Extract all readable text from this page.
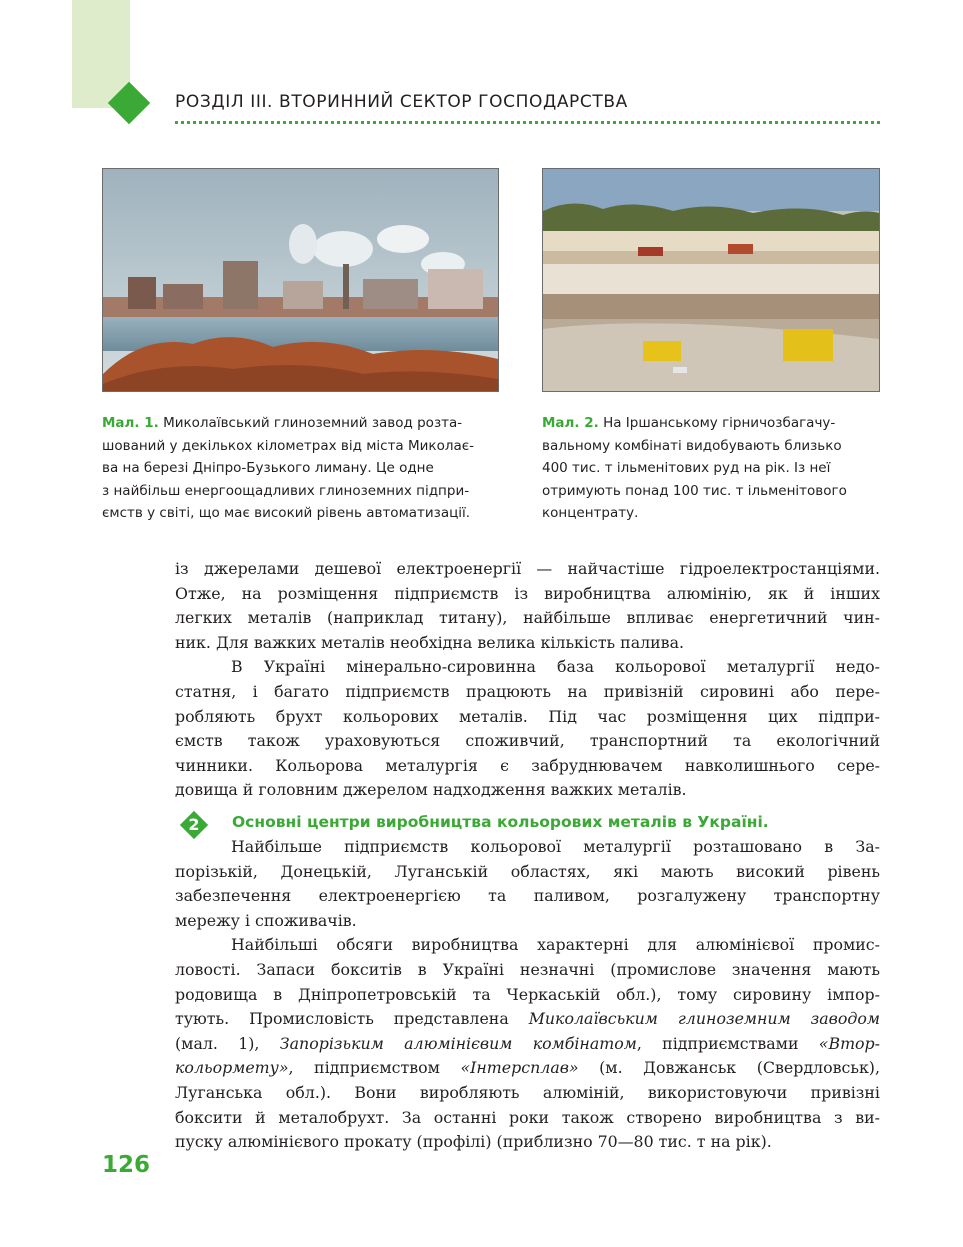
РОЗДІЛ ІІІ. ВТОРИННИЙ СЕКТОР ГОСПОДАРСТВА
Мал. 1. Миколаївський глиноземний завод розта-
шований у декількох кілометрах від міста Миколає-
ва на березі Дніпро-Бузького лиману. Це одне
з найбільш енергоощадливих глиноземних підпри-
ємств у світі, що має високий рівень автоматизації.
Мал. 2. На Іршанському гірничозбагачу-
вальному комбінаті видобувають близько
400 тис. т ільменітових руд на рік. Із неї
отримують понад 100 тис. т ільменітового
концентрату.
із джерелами дешевої електроенергії — найчастіше гідроелектростанціями.
Отже, на розміщення підприємств із виробництва алюмінію, як й інших
легких металів (наприклад титану), найбільше впливає енергетичний чин-
ник. Для важких металів необхідна велика кількість палива.
В Україні мінерально-сировинна база кольорової металургії недо-
статня, і багато підприємств працюють на привізній сировині або пере-
робляють брухт кольорових металів. Під час розміщення цих підпри-
ємств також ураховуються споживчий, транспортний та екологічний
чинники. Кольорова металургія є забруднювачем навколишнього сере-
довища й головним джерелом надходження важких металів.
2	Основні центри виробництва кольорових металів в Україні.
Найбільше підприємств кольорової металургії розташовано в За-
порізькій, Донецькій, Луганській областях, які мають високий рівень
забезпечення електроенергією та паливом, розгалужену транспортну
мережу і споживачів.
Найбільші обсяги виробництва характерні для алюмінієвої промис-
ловості. Запаси бокситів в Україні незначні (промислове значення мають
родовища в Дніпропетровській та Черкаській обл.), тому сировину імпор-
тують. Промисловість представлена Миколаївським глиноземним заводом
(мал. 1), Запорізьким алюмінієвим комбінатом, підприємствами «Втор-
кольормету», підприємством «Інтерсплав» (м. Довжанськ (Свердловськ),
Луганська обл.). Вони виробляють алюміній, використовуючи привізні
боксити й металобрухт. За останні роки також створено виробництва з ви-
пуску алюмінієвого прокату (профілі) (приблизно 70—80 тис. т на рік).
126
